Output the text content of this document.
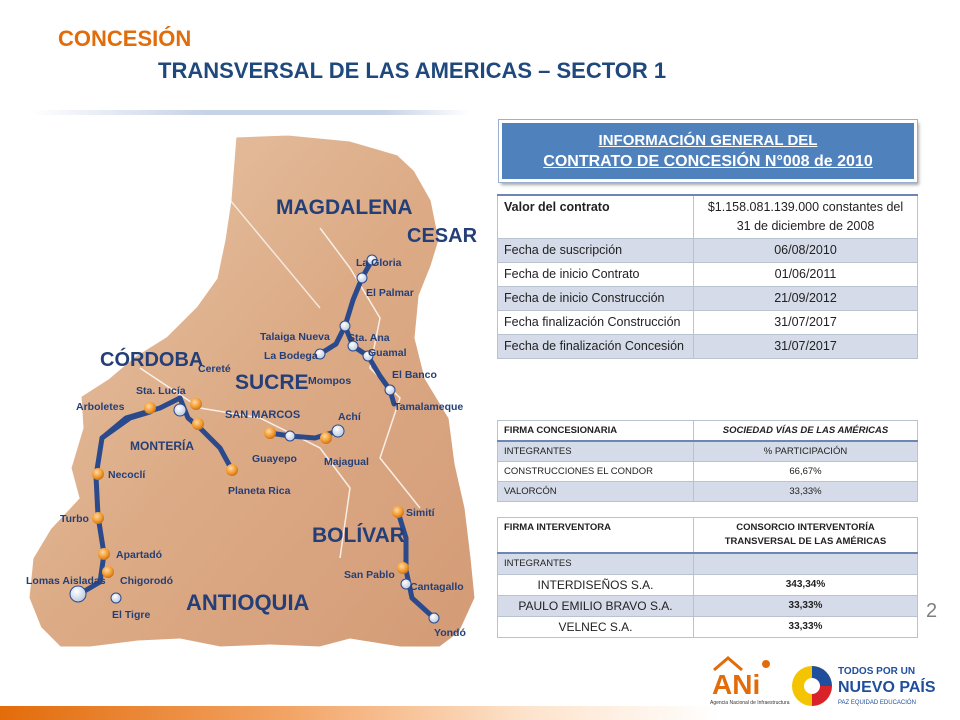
CONCESIÓN
TRANSVERSAL DE LAS AMERICAS – SECTOR 1
MAGDALENA
CESAR
CÓRDOBA
SUCRE
BOLÍVAR
ANTIOQUIA
La Gloria
El Palmar
Talaiga Nueva Sta. Ana
La Bodega	Guamal
Mompos	El Banco
Tamalameque
Cereté
Sta. Lucía
Arboletes
MONTERÍA
SAN MARCOS	Achí
Guayepo	Majagual
Necoclí
Planeta Rica
Turbo	Simití
Apartadó
San Pablo
Chigorodó	Cantagallo
Lomas Aisladas
El Tigre
Yondó
INFORMACIÓN GENERAL DEL
CONTRATO DE CONCESIÓN N°008 de 2010
Valor del contrato	$1.158.081.139.000 constantes del 31 de diciembre de 2008
Fecha de suscripción	06/08/2010
Fecha de inicio Contrato	01/06/2011
Fecha de inicio Construcción	21/09/2012
Fecha finalización Construcción	31/07/2017
Fecha de finalización Concesión	31/07/2017
FIRMA CONCESIONARIA	SOCIEDAD VÍAS DE LAS AMÉRICAS
INTEGRANTES	% PARTICIPACIÓN
CONSTRUCCIONES EL CONDOR	66,67%
VALORCÓN	33,33%
FIRMA INTERVENTORA	CONSORCIO INTERVENTORÍA TRANSVERSAL DE LAS AMÉRICAS
INTEGRANTES	
INTERDISEÑOS S.A.	343,34%
PAULO EMILIO BRAVO S.A.	33,33%
VELNEC S.A.	33,33%
2
ANi
Agencia Nacional de Infraestructura
TODOS POR UN
NUEVO PAÍS
PAZ EQUIDAD EDUCACIÓN
